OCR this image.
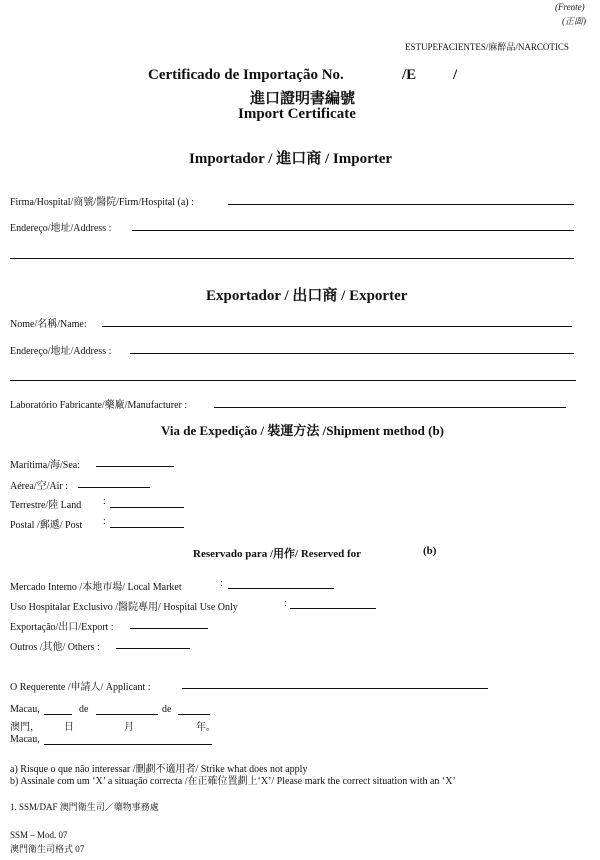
(Frente)
(正面)
ESTUPEFACIENTES/麻醉品/NARCOTICS
Certificado de Importação No.	/E /
進口證明書編號
Import Certificate
Importador / 進口商 / Importer
Firma/Hospital/商號/醫院/Firm/Hospital (a) :
Endereço/地址/Address :
Exportador / 出口商 / Exporter
Nome/名稱/Name:
Endereço/地址/Address :
Laboratório Fabricante/藥廠/Manufacturer :
Via de Expedição / 裝運方法 /Shipment method (b)
Marítima/海/Sea:
Aérea/空/Air :
Terrestre/陸 Land :
Postal /郵遞/ Post :
Reservado para /用作/ Reserved for	(b)
Mercado Interno /本地市場/ Local Market	:
Uso Hospitalar Exclusivo /醫院專用/ Hospital Use Only	:
Exportação/出口/Export :
Outros /其他/ Others :
O Requerente /申請人/ Applicant :
Macau,	de	de
澳門， 日	月	年。
Macau,
a) Risque o que não interessar /刪劃不適用者/ Strike what does not apply
b) Assinale com um ‘X’ a situação correcta /在正確位置劃上‘X’/ Please mark the correct situation with an ‘X’
1. SSM/DAF 澳門衛生司／藥物事務處
SSM – Mod. 07
澳門衛生司格式 07
